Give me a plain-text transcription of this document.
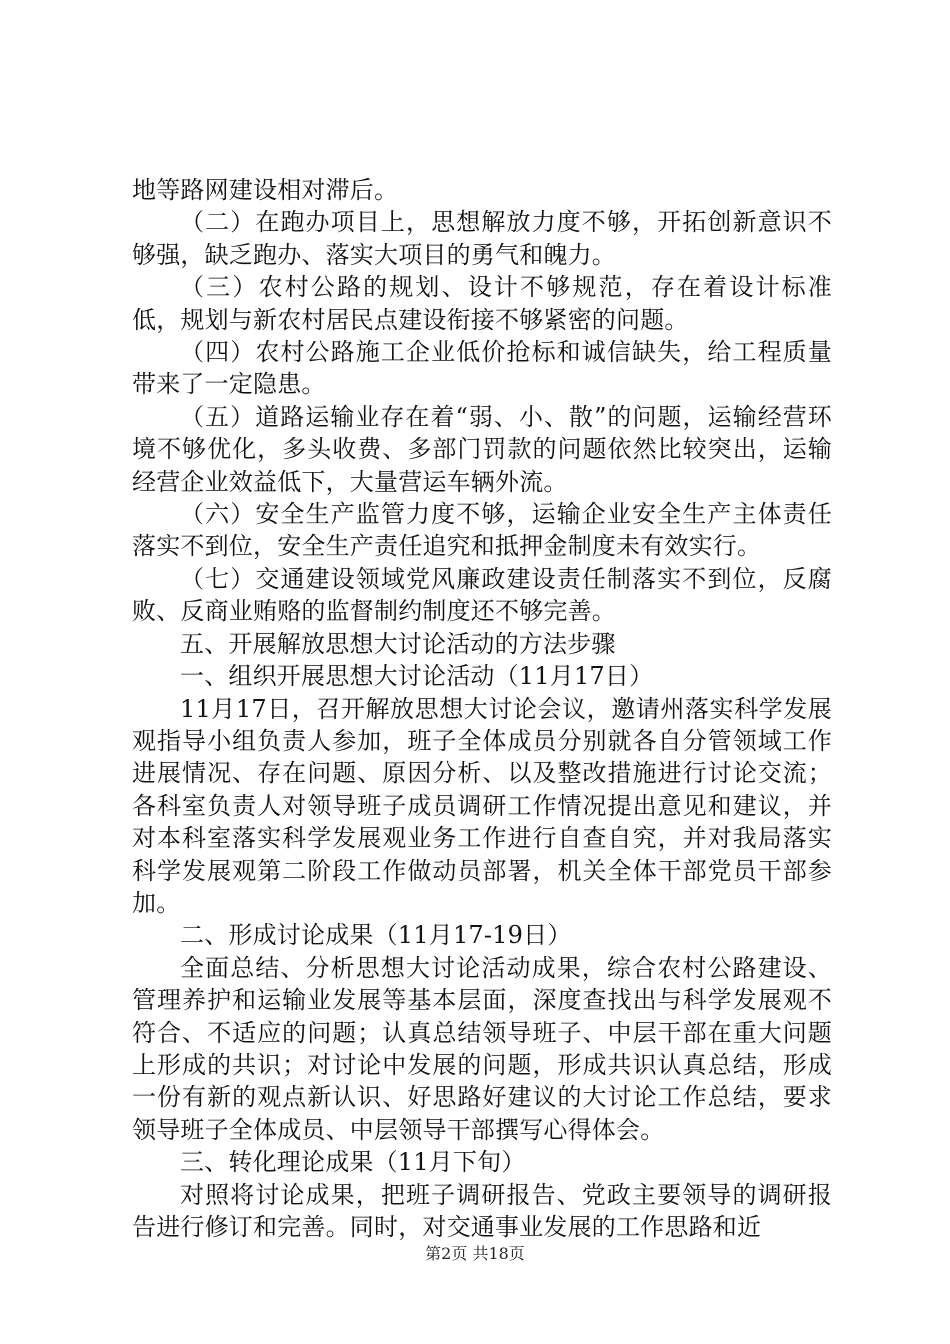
地等路网建设相对滞后。

（二）在跑办项目上，思想解放力度不够，开拓创新意识不够强，缺乏跑办、落实大项目的勇气和魄力。

（三）农村公路的规划、设计不够规范，存在着设计标准低，规划与新农村居民点建设衔接不够紧密的问题。

（四）农村公路施工企业低价抢标和诚信缺失，给工程质量带来了一定隐患。

（五）道路运输业存在着“弱、小、散”的问题，运输经营环境不够优化，多头收费、多部门罚款的问题依然比较突出，运输经营企业效益低下，大量营运车辆外流。

（六）安全生产监管力度不够，运输企业安全生产主体责任落实不到位，安全生产责任追究和抵押金制度未有效实行。

（七）交通建设领域党风廉政建设责任制落实不到位，反腐败、反商业贿赂的监督制约制度还不够完善。

五、开展解放思想大讨论活动的方法步骤

一、组织开展思想大讨论活动（11月17日）

11月17日，召开解放思想大讨论会议，邀请州落实科学发展观指导小组负责人参加，班子全体成员分别就各自分管领域工作进展情况、存在问题、原因分析、以及整改措施进行讨论交流；各科室负责人对领导班子成员调研工作情况提出意见和建议，并对本科室落实科学发展观业务工作进行自查自究，并对我局落实科学发展观第二阶段工作做动员部署，机关全体干部党员干部参加。

二、形成讨论成果（11月17-19日）

全面总结、分析思想大讨论活动成果，综合农村公路建设、管理养护和运输业发展等基本层面，深度查找出与科学发展观不符合、不适应的问题；认真总结领导班子、中层干部在重大问题上形成的共识；对讨论中发展的问题，形成共识认真总结，形成一份有新的观点新认识、好思路好建议的大讨论工作总结，要求领导班子全体成员、中层领导干部撰写心得体会。

三、转化理论成果（11月下旬）

对照将讨论成果，把班子调研报告、党政主要领导的调研报告进行修订和完善。同时，对交通事业发展的工作思路和近

第2页 共18页
